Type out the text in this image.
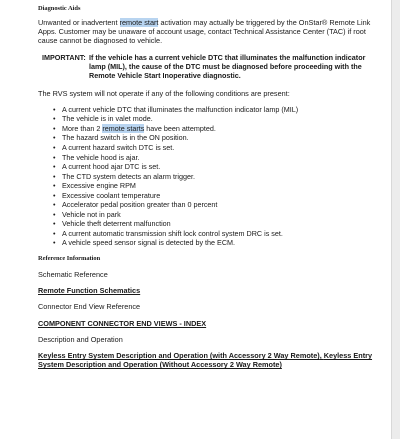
Diagnostic Aids

Unwanted or inadvertent remote start activation may actually be triggered by the OnStar® Remote Link Apps. Customer may be unaware of account usage, contact Technical Assistance Center (TAC) if root cause cannot be diagnosed to vehicle.

IMPORTANT: If the vehicle has a current vehicle DTC that illuminates the malfunction indicator lamp (MIL), the cause of the DTC must be diagnosed before proceeding with the Remote Vehicle Start Inoperative diagnostic.

The RVS system will not operate if any of the following conditions are present:

• A current vehicle DTC that illuminates the malfunction indicator lamp (MIL)
• The vehicle is in valet mode.
• More than 2 remote starts have been attempted.
• The hazard switch is in the ON position.
• A current hazard switch DTC is set.
• The vehicle hood is ajar.
• A current hood ajar DTC is set.
• The CTD system detects an alarm trigger.
• Excessive engine RPM
• Excessive coolant temperature
• Accelerator pedal position greater than 0 percent
• Vehicle not in park
• Vehicle theft deterrent malfunction
• A current automatic transmission shift lock control system DRC is set.
• A vehicle speed sensor signal is detected by the ECM.
Reference Information

Schematic Reference

Remote Function Schematics

Connector End View Reference

COMPONENT CONNECTOR END VIEWS - INDEX

Description and Operation

Keyless Entry System Description and Operation (with Accessory 2 Way Remote), Keyless Entry System Description and Operation (Without Accessory 2 Way Remote)
